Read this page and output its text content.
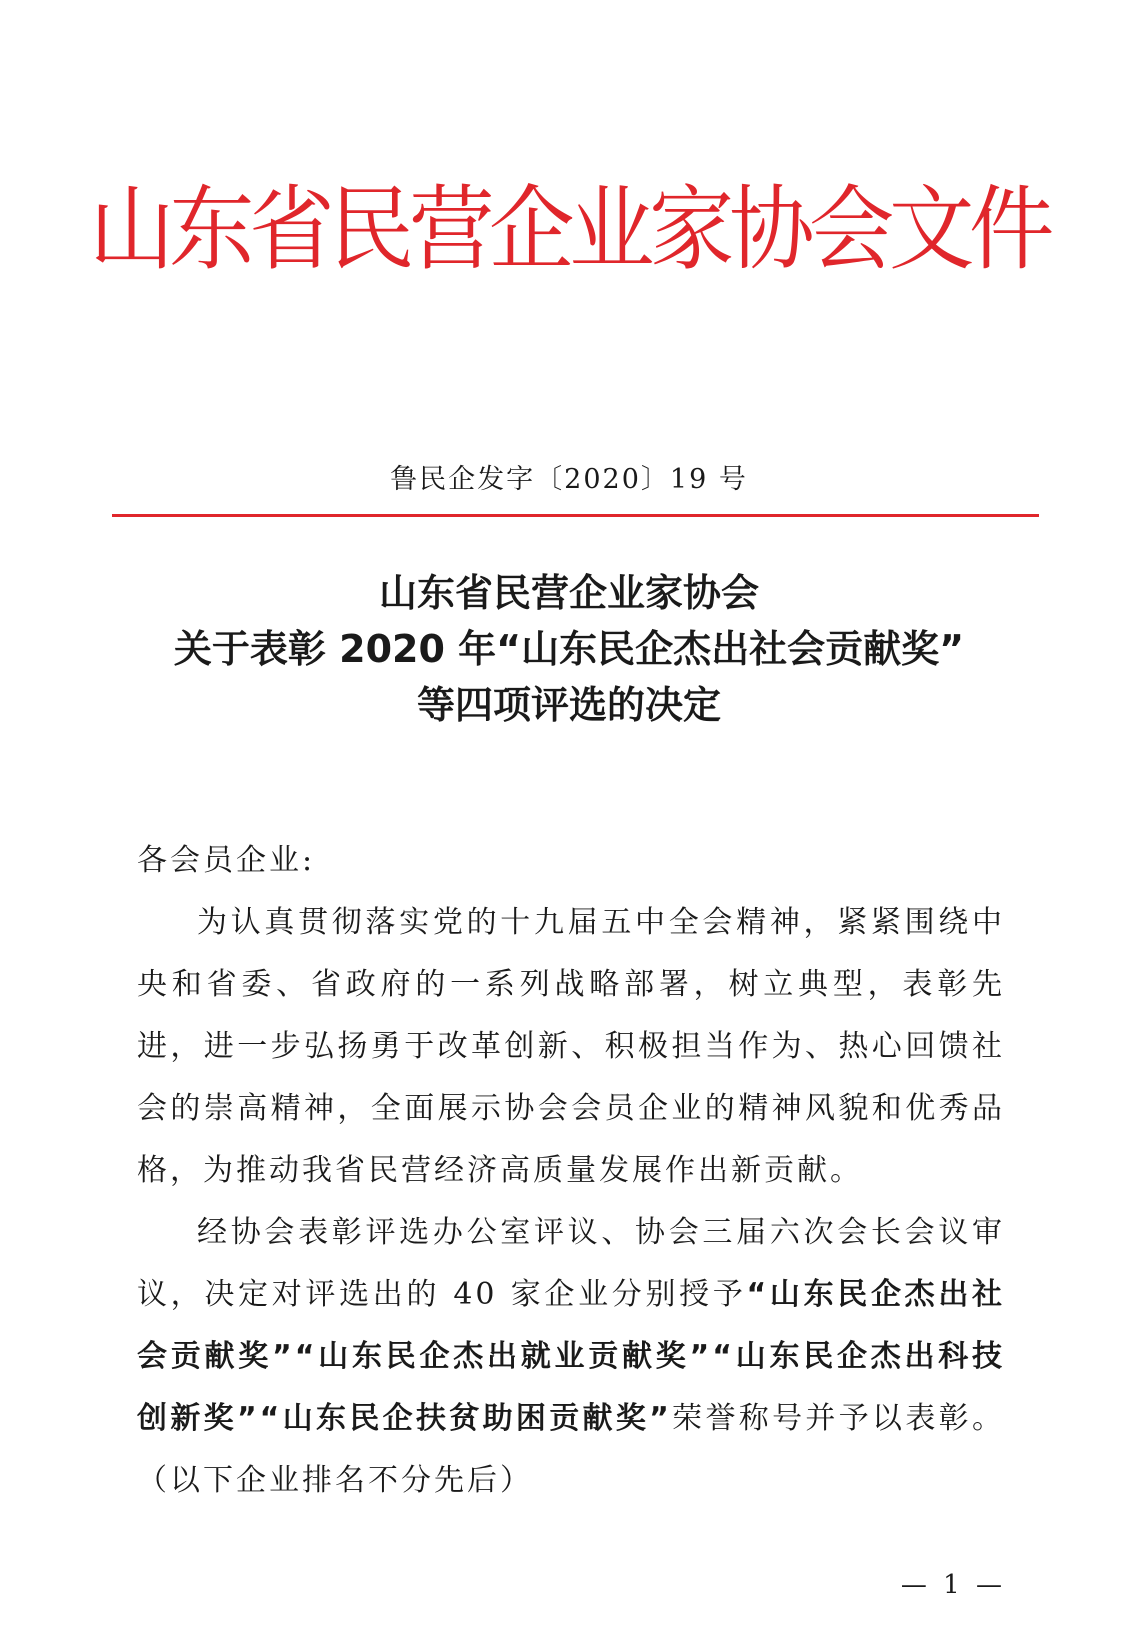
山东省民营企业家协会文件
鲁民企发字〔2020〕19 号
山东省民营企业家协会
关于表彰 2020 年“山东民企杰出社会贡献奖”
等四项评选的决定
各会员企业:
为认真贯彻落实党的十九届五中全会精神，紧紧围绕中央和省委、省政府的一系列战略部署，树立典型，表彰先进，进一步弘扬勇于改革创新、积极担当作为、热心回馈社会的崇高精神，全面展示协会会员企业的精神风貌和优秀品格，为推动我省民营经济高质量发展作出新贡献。
经协会表彰评选办公室评议、协会三届六次会长会议审议，决定对评选出的 40 家企业分别授予“山东民企杰出社会贡献奖”“山东民企杰出就业贡献奖”“山东民企杰出科技创新奖”“山东民企扶贫助困贡献奖”荣誉称号并予以表彰。（以下企业排名不分先后）
— 1 —
